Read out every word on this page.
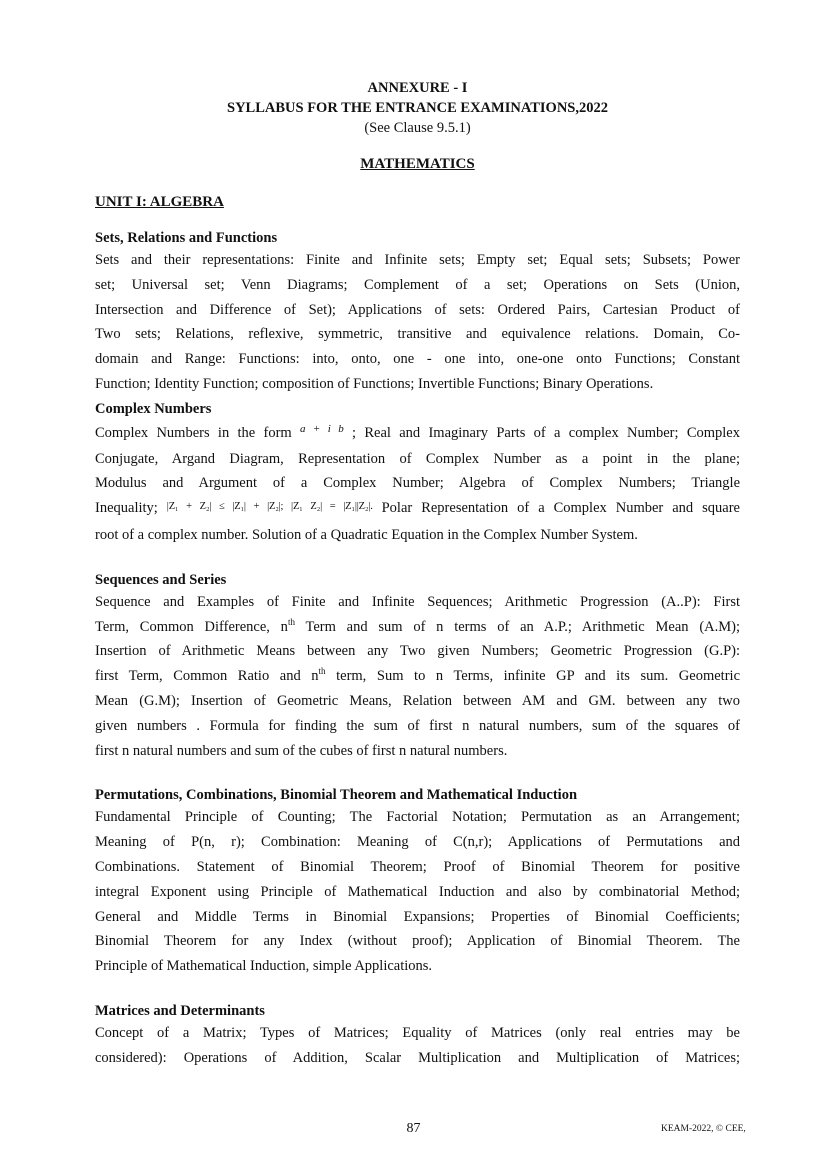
ANNEXURE - I

SYLLABUS FOR THE ENTRANCE EXAMINATIONS,2022

(See Clause 9.5.1)

MATHEMATICS
UNIT I: ALGEBRA

Sets, Relations and Functions

Sets and their representations: Finite and Infinite sets; Empty set; Equal sets; Subsets; Power
set; Universal set; Venn Diagrams; Complement of a set; Operations on Sets (Union,
Intersection and Difference of Set); Applications of sets: Ordered Pairs, Cartesian Product of
Two sets; Relations, reflexive, symmetric, transitive and equivalence relations. Domain, Co-
domain and Range: Functions: into, onto, one - one into, one-one onto Functions; Constant
Function; Identity Function; composition of Functions; Invertible Functions; Binary Operations.

Complex Numbers

Complex Numbers in the form $^{a + i b}$ ; Real and Imaginary Parts of a complex Number; Complex
Conjugate, Argand Diagram, Representation of Complex Number as a point in the plane;
Modulus and Argument of a Complex Number; Algebra of Complex Numbers; Triangle
Inequality; $^{|Z_1 + Z_2| \le |Z_1| + |Z_2|; |Z_1 Z_2| = |Z_1||Z_2|.}$ Polar Representation of a Complex Number and square
root of a complex number. Solution of a Quadratic Equation in the Complex Number System.

Sequences and Series

Sequence and Examples of Finite and Infinite Sequences; Arithmetic Progression (A..P): First
Term, Common Difference, $n^{th}$ Term and sum of n terms of an A.P.; Arithmetic Mean (A.M);
Insertion of Arithmetic Means between any Two given Numbers; Geometric Progression (G.P):
first Term, Common Ratio and $n^{th}$ term, Sum to n Terms, infinite GP and its sum. Geometric
Mean (G.M); Insertion of Geometric Means, Relation between AM and GM. between any two
given numbers . Formula for finding the sum of first n natural numbers, sum of the squares of
first n natural numbers and sum of the cubes of first n natural numbers.

Permutations, Combinations, Binomial Theorem and Mathematical Induction

Fundamental Principle of Counting; The Factorial Notation; Permutation as an Arrangement;
Meaning of P(n, r); Combination: Meaning of C(n,r); Applications of Permutations and
Combinations. Statement of Binomial Theorem; Proof of Binomial Theorem for positive
integral Exponent using Principle of Mathematical Induction and also by combinatorial Method;
General and Middle Terms in Binomial Expansions; Properties of Binomial Coefficients;
Binomial Theorem for any Index (without proof); Application of Binomial Theorem. The
Principle of Mathematical Induction, simple Applications.

Matrices and Determinants

Concept of a Matrix; Types of Matrices; Equality of Matrices (only real entries may be
considered): Operations of Addition, Scalar Multiplication and Multiplication of Matrices;
87	KEAM-2022, © CEE,
